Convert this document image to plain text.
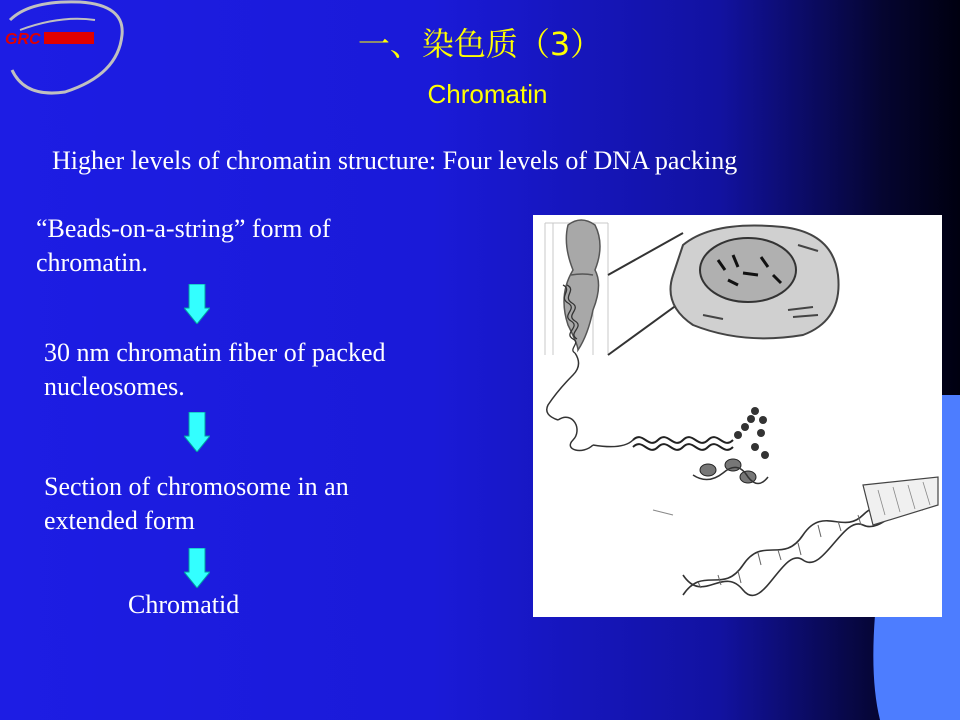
GRC	一、染色质（3）
Chromatin
Higher levels of chromatin structure: Four levels of DNA packing
“Beads-on-a-string” form of
chromatin.
30 nm chromatin fiber of packed
nucleosomes.
Section of chromosome in an
extended form
Chromatid
